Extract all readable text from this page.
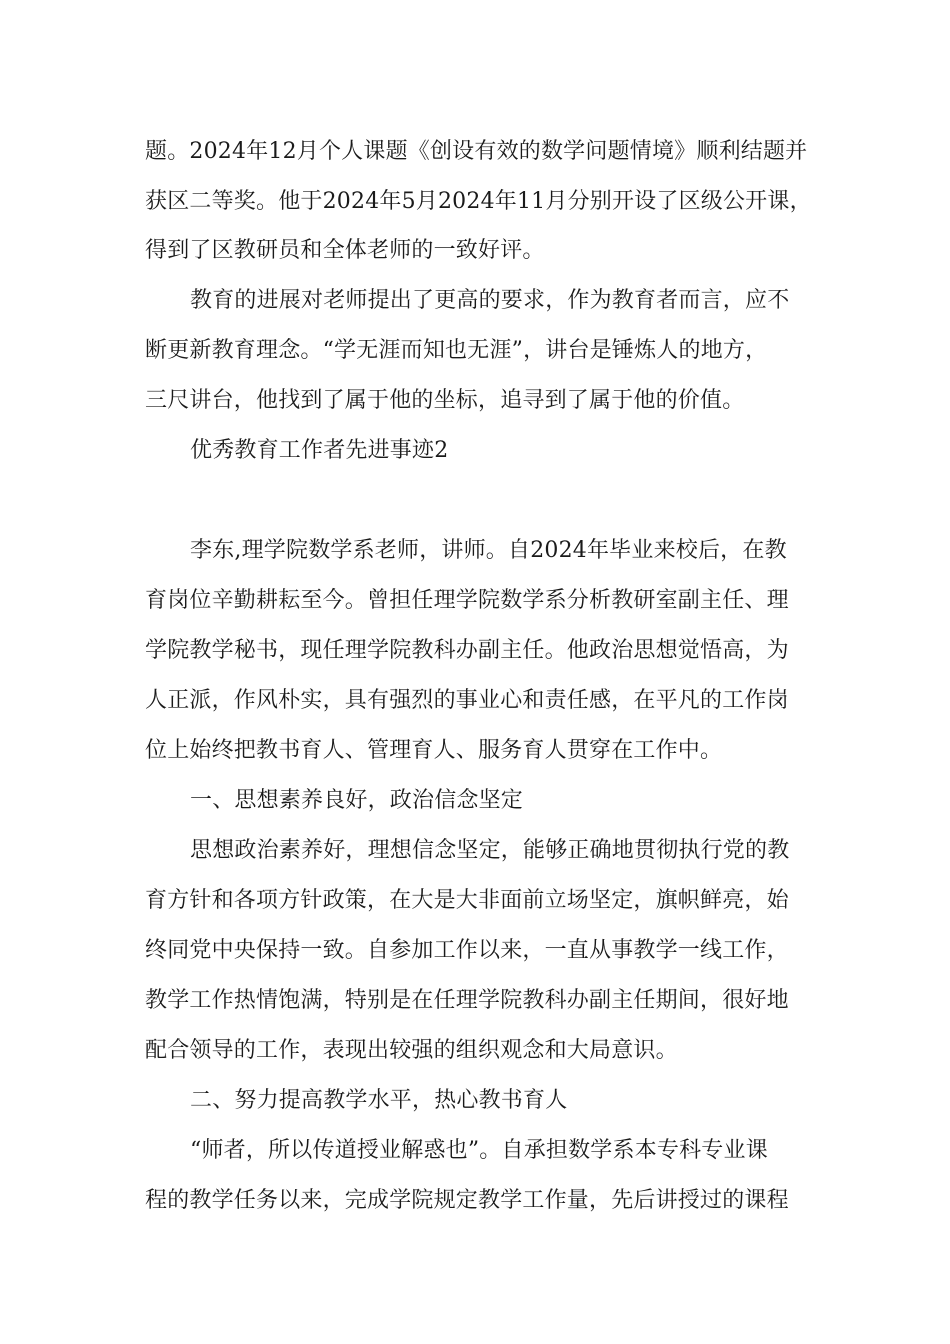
题。2024年12月个人课题《创设有效的数学问题情境》顺利结题并
获区二等奖。他于2024年5月2024年11月分别开设了区级公开课，
得到了区教研员和全体老师的一致好评。
教育的进展对老师提出了更高的要求，作为教育者而言，应不
断更新教育理念。“学无涯而知也无涯”，讲台是锤炼人的地方，
三尺讲台，他找到了属于他的坐标，追寻到了属于他的价值。
优秀教育工作者先进事迹2
李东,理学院数学系老师，讲师。自2024年毕业来校后，在教
育岗位辛勤耕耘至今。曾担任理学院数学系分析教研室副主任、理
学院教学秘书，现任理学院教科办副主任。他政治思想觉悟高，为
人正派，作风朴实，具有强烈的事业心和责任感，在平凡的工作岗
位上始终把教书育人、管理育人、服务育人贯穿在工作中。
一、思想素养良好，政治信念坚定
思想政治素养好，理想信念坚定，能够正确地贯彻执行党的教
育方针和各项方针政策，在大是大非面前立场坚定，旗帜鲜亮，始
终同党中央保持一致。自参加工作以来，一直从事教学一线工作，
教学工作热情饱满，特别是在任理学院教科办副主任期间，很好地
配合领导的工作，表现出较强的组织观念和大局意识。
二、努力提高教学水平，热心教书育人
“师者，所以传道授业解惑也”。自承担数学系本专科专业课
程的教学任务以来，完成学院规定教学工作量，先后讲授过的课程
